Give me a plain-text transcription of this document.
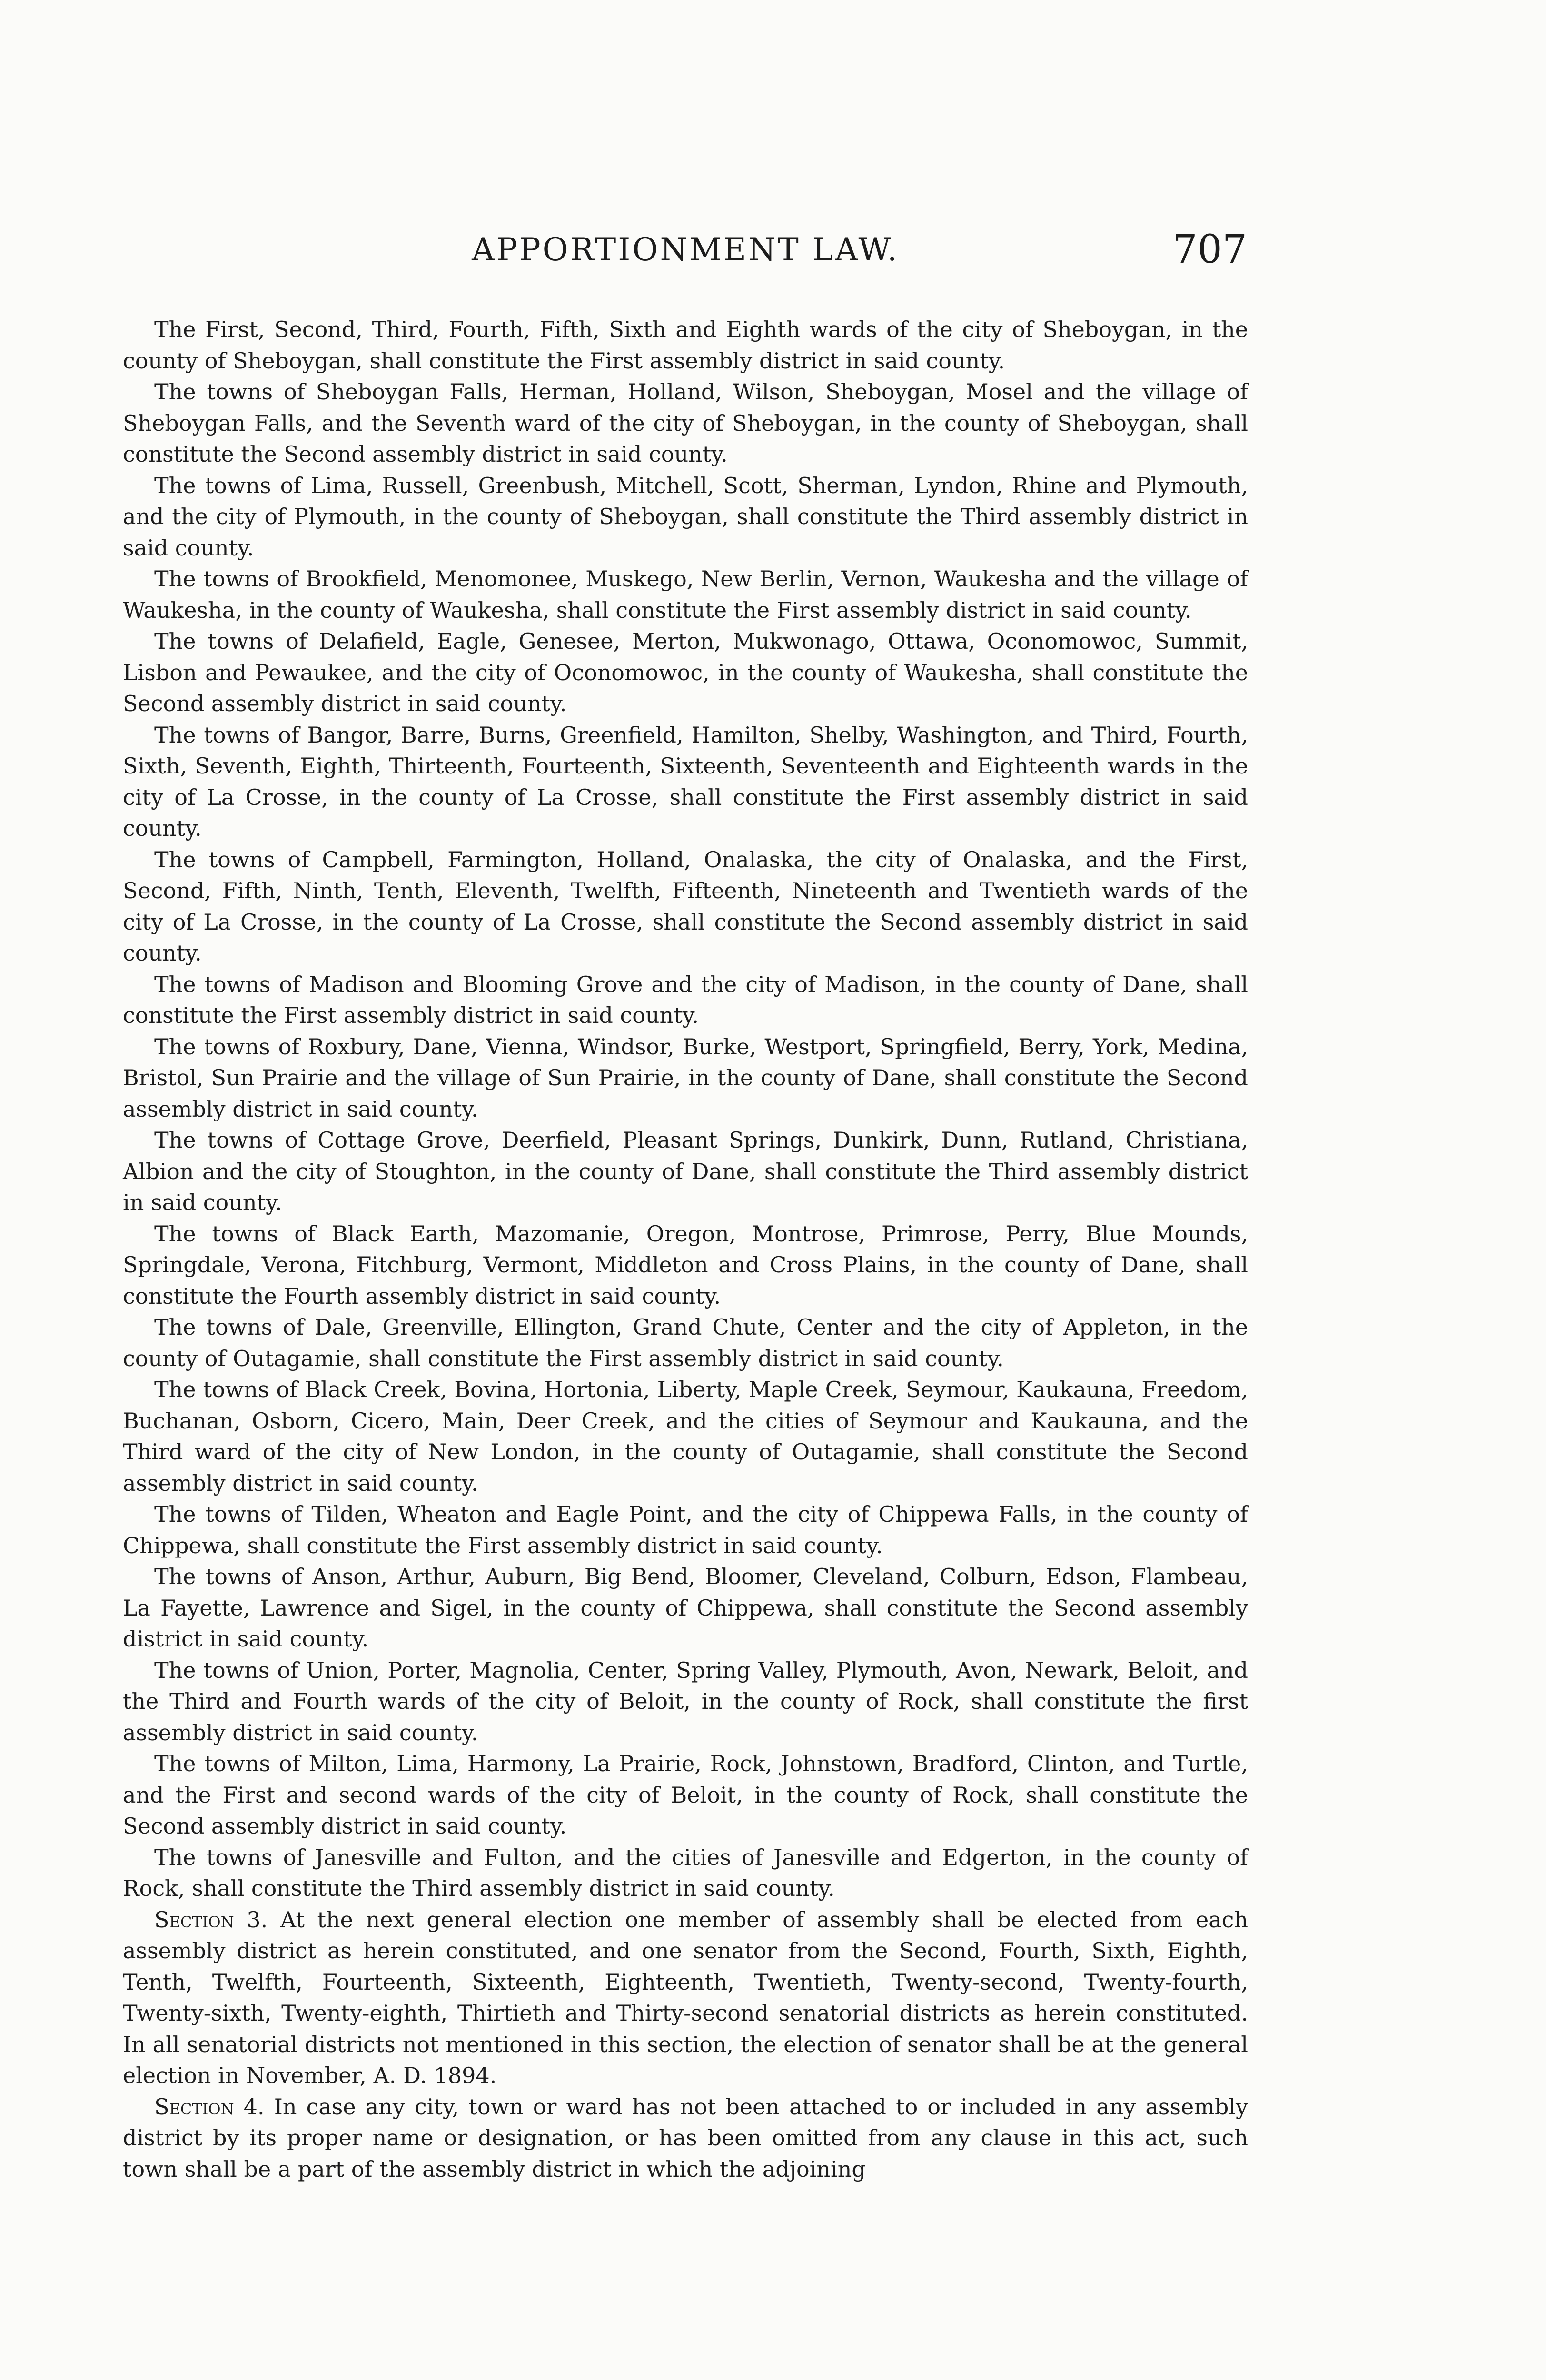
APPORTIONMENT LAW.	707

The First, Second, Third, Fourth, Fifth, Sixth and Eighth wards of the city of Sheboygan, in the county of Sheboygan, shall constitute the First assembly district in said county.

The towns of Sheboygan Falls, Herman, Holland, Wilson, Sheboygan, Mosel and the village of Sheboygan Falls, and the Seventh ward of the city of Sheboygan, in the county of Sheboygan, shall constitute the Second assembly district in said county.

The towns of Lima, Russell, Greenbush, Mitchell, Scott, Sherman, Lyndon, Rhine and Plymouth, and the city of Plymouth, in the county of Sheboygan, shall constitute the Third assembly district in said county.

The towns of Brookfield, Menomonee, Muskego, New Berlin, Vernon, Waukesha and the village of Waukesha, in the county of Waukesha, shall constitute the First assembly district in said county.

The towns of Delafield, Eagle, Genesee, Merton, Mukwonago, Ottawa, Oconomowoc, Summit, Lisbon and Pewaukee, and the city of Oconomowoc, in the county of Waukesha, shall constitute the Second assembly district in said county.

The towns of Bangor, Barre, Burns, Greenfield, Hamilton, Shelby, Washington, and Third, Fourth, Sixth, Seventh, Eighth, Thirteenth, Fourteenth, Sixteenth, Seventeenth and Eighteenth wards in the city of La Crosse, in the county of La Crosse, shall constitute the First assembly district in said county.

The towns of Campbell, Farmington, Holland, Onalaska, the city of Onalaska, and the First, Second, Fifth, Ninth, Tenth, Eleventh, Twelfth, Fifteenth, Nineteenth and Twentieth wards of the city of La Crosse, in the county of La Crosse, shall constitute the Second assembly district in said county.

The towns of Madison and Blooming Grove and the city of Madison, in the county of Dane, shall constitute the First assembly district in said county.

The towns of Roxbury, Dane, Vienna, Windsor, Burke, Westport, Springfield, Berry, York, Medina, Bristol, Sun Prairie and the village of Sun Prairie, in the county of Dane, shall constitute the Second assembly district in said county.

The towns of Cottage Grove, Deerfield, Pleasant Springs, Dunkirk, Dunn, Rutland, Christiana, Albion and the city of Stoughton, in the county of Dane, shall constitute the Third assembly district in said county.

The towns of Black Earth, Mazomanie, Oregon, Montrose, Primrose, Perry, Blue Mounds, Springdale, Verona, Fitchburg, Vermont, Middleton and Cross Plains, in the county of Dane, shall constitute the Fourth assembly district in said county.

The towns of Dale, Greenville, Ellington, Grand Chute, Center and the city of Appleton, in the county of Outagamie, shall constitute the First assembly district in said county.

The towns of Black Creek, Bovina, Hortonia, Liberty, Maple Creek, Seymour, Kaukauna, Freedom, Buchanan, Osborn, Cicero, Main, Deer Creek, and the cities of Seymour and Kaukauna, and the Third ward of the city of New London, in the county of Outagamie, shall constitute the Second assembly district in said county.

The towns of Tilden, Wheaton and Eagle Point, and the city of Chippewa Falls, in the county of Chippewa, shall constitute the First assembly district in said county.

The towns of Anson, Arthur, Auburn, Big Bend, Bloomer, Cleveland, Colburn, Edson, Flambeau, La Fayette, Lawrence and Sigel, in the county of Chippewa, shall constitute the Second assembly district in said county.

The towns of Union, Porter, Magnolia, Center, Spring Valley, Plymouth, Avon, Newark, Beloit, and the Third and Fourth wards of the city of Beloit, in the county of Rock, shall constitute the first assembly district in said county.

The towns of Milton, Lima, Harmony, La Prairie, Rock, Johnstown, Bradford, Clinton, and Turtle, and the First and second wards of the city of Beloit, in the county of Rock, shall constitute the Second assembly district in said county.

The towns of Janesville and Fulton, and the cities of Janesville and Edgerton, in the county of Rock, shall constitute the Third assembly district in said county.

Section 3. At the next general election one member of assembly shall be elected from each assembly district as herein constituted, and one senator from the Second, Fourth, Sixth, Eighth, Tenth, Twelfth, Fourteenth, Sixteenth, Eighteenth, Twentieth, Twenty-second, Twenty-fourth, Twenty-sixth, Twenty-eighth, Thirtieth and Thirty-second senatorial districts as herein constituted. In all senatorial districts not mentioned in this section, the election of senator shall be at the general election in November, A. D. 1894.

Section 4. In case any city, town or ward has not been attached to or included in any assembly district by its proper name or designation, or has been omitted from any clause in this act, such town shall be a part of the assembly district in which the adjoining
